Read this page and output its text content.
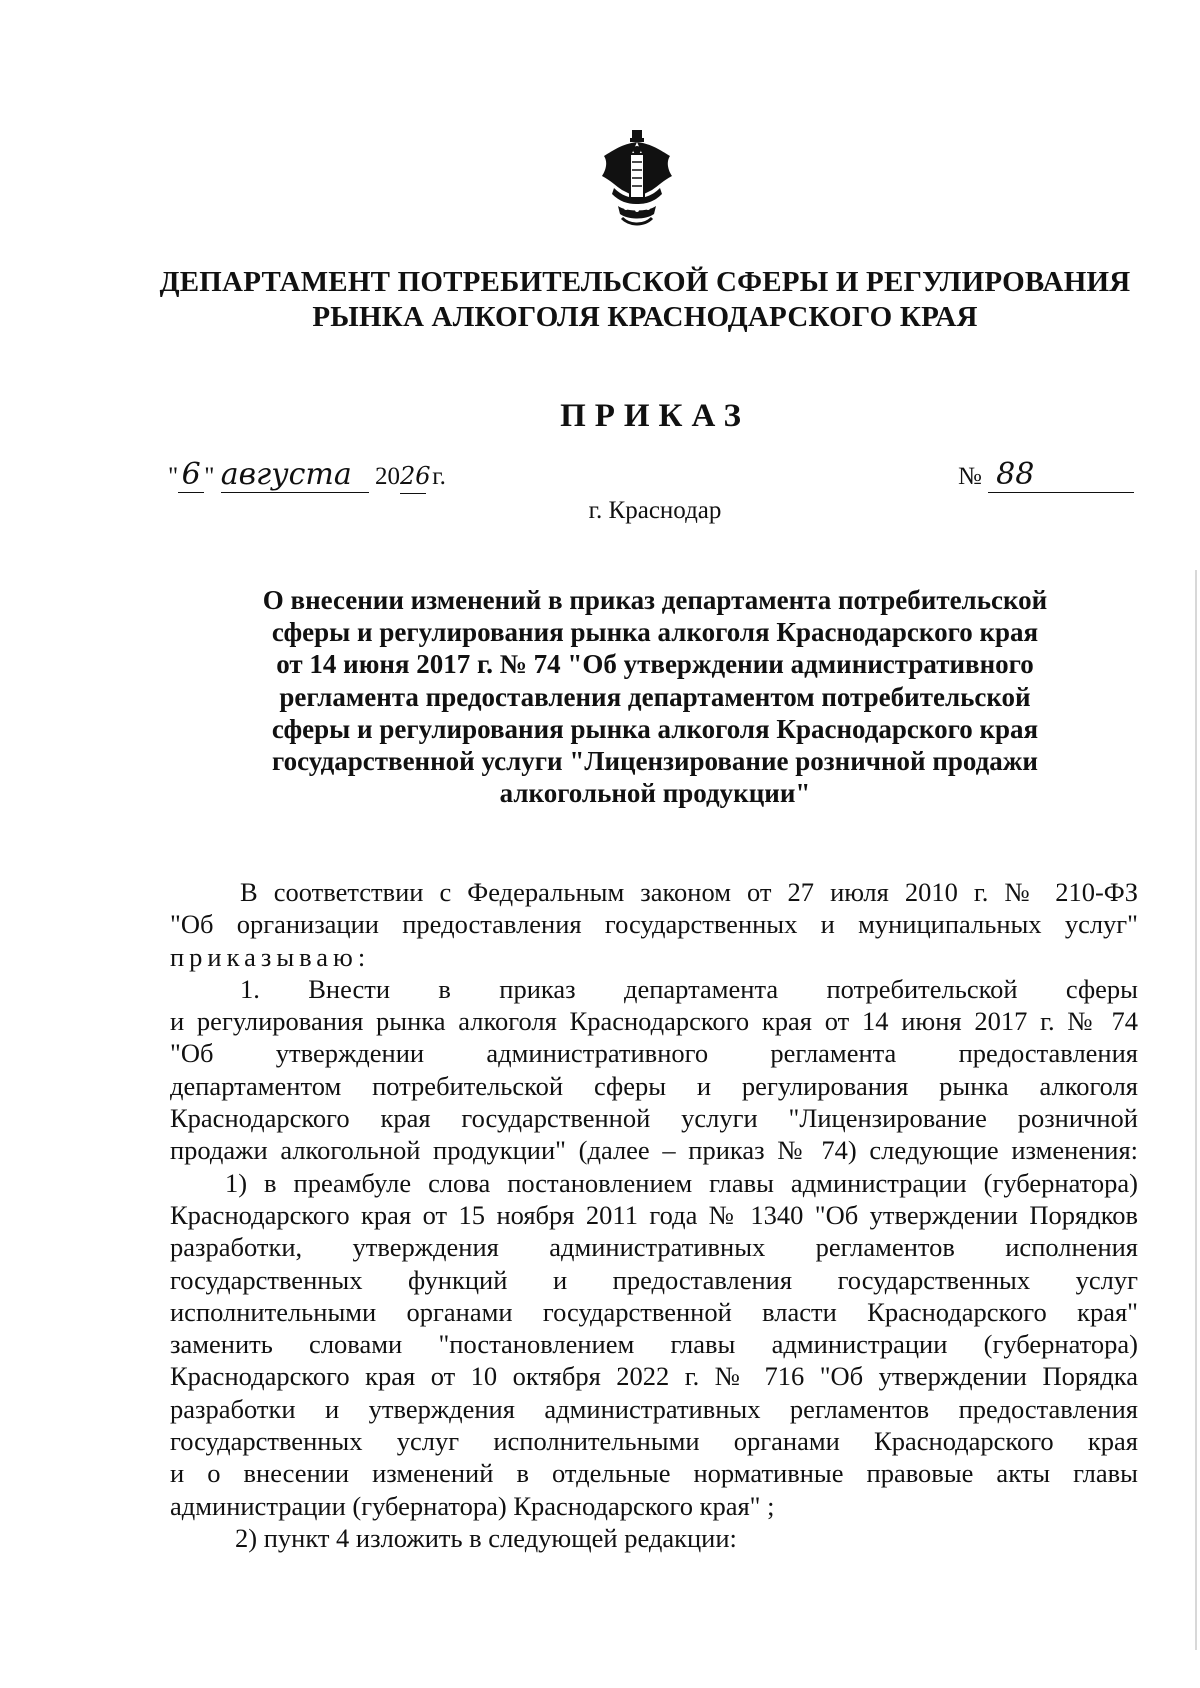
ДЕПАРТАМЕНТ ПОТРЕБИТЕЛЬСКОЙ СФЕРЫ И РЕГУЛИРОВАНИЯ
РЫНКА АЛКОГОЛЯ КРАСНОДАРСКОГО КРАЯ
ПРИКАЗ
" 6 " августа 2026 г.	№ 88
г. Краснодар
О внесении изменений в приказ департамента потребительской
сферы и регулирования рынка алкоголя Краснодарского края
от 14 июня 2017 г. № 74 "Об утверждении административного
регламента предоставления департаментом потребительской
сферы и регулирования рынка алкоголя Краснодарского края
государственной услуги "Лицензирование розничной продажи
алкогольной продукции"
В соответствии с Федеральным законом от 27 июля 2010 г. № 210-ФЗ
"Об организации предоставления государственных и муниципальных услуг"
приказываю:
1. Внести в приказ департамента потребительской сферы
и регулирования рынка алкоголя Краснодарского края от 14 июня 2017 г. № 74
"Об утверждении административного регламента предоставления
департаментом потребительской сферы и регулирования рынка алкоголя
Краснодарского края государственной услуги "Лицензирование розничной
продажи алкогольной продукции" (далее – приказ № 74) следующие изменения:
1) в преамбуле слова постановлением главы администрации (губернатора)
Краснодарского края от 15 ноября 2011 года № 1340 "Об утверждении Порядков
разработки, утверждения административных регламентов исполнения
государственных функций и предоставления государственных услуг
исполнительными органами государственной власти Краснодарского края"
заменить словами "постановлением главы администрации (губернатора)
Краснодарского края от 10 октября 2022 г. № 716 "Об утверждении Порядка
разработки и утверждения административных регламентов предоставления
государственных услуг исполнительными органами Краснодарского края
и о внесении изменений в отдельные нормативные правовые акты главы
администрации (губернатора) Краснодарского края" ;
2) пункт 4 изложить в следующей редакции:
